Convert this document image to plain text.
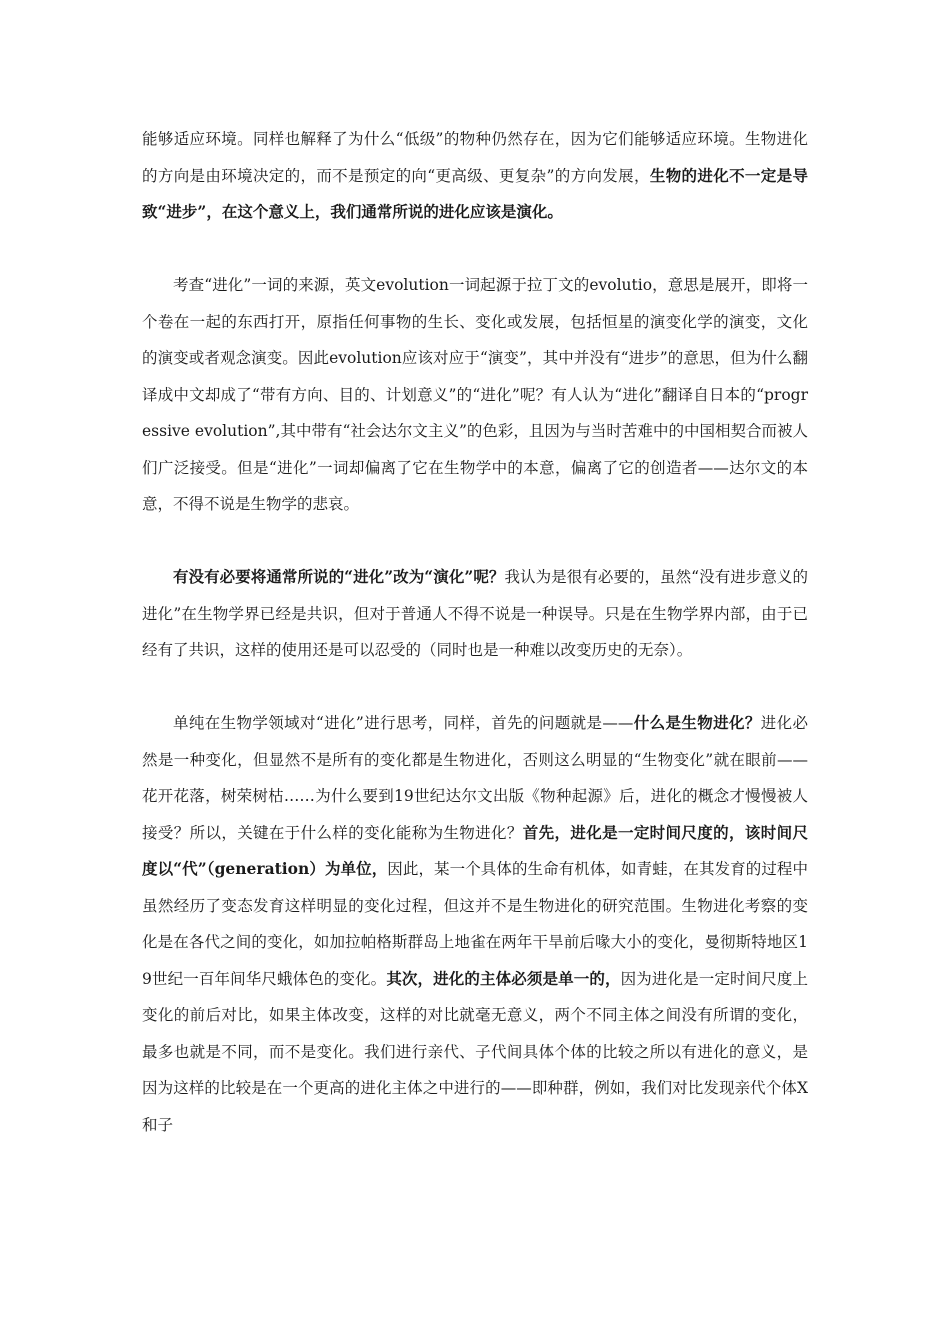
能够适应环境。同样也解释了为什么“低级”的物种仍然存在，因为它们能够适应环境。生物进化的方向是由环境决定的，而不是预定的向“更高级、更复杂”的方向发展，生物的进化不一定是导致“进步”，在这个意义上，我们通常所说的进化应该是演化。

考查“进化”一词的来源，英文evolution一词起源于拉丁文的evolutio，意思是展开，即将一个卷在一起的东西打开，原指任何事物的生长、变化或发展，包括恒星的演变化学的演变，文化的演变或者观念演变。因此evolution应该对应于“演变”，其中并没有“进步”的意思，但为什么翻译成中文却成了“带有方向、目的、计划意义”的“进化”呢？有人认为“进化”翻译自日本的“progressive evolution”,其中带有“社会达尔文主义”的色彩，且因为与当时苦难中的中国相契合而被人们广泛接受。但是“进化”一词却偏离了它在生物学中的本意，偏离了它的创造者——达尔文的本意，不得不说是生物学的悲哀。

有没有必要将通常所说的“进化”改为“演化”呢？我认为是很有必要的，虽然“没有进步意义的进化”在生物学界已经是共识，但对于普通人不得不说是一种误导。只是在生物学界内部，由于已经有了共识，这样的使用还是可以忍受的（同时也是一种难以改变历史的无奈）。

单纯在生物学领域对“进化”进行思考，同样，首先的问题就是——什么是生物进化？进化必然是一种变化，但显然不是所有的变化都是生物进化，否则这么明显的“生物变化”就在眼前——花开花落，树荣树枯……为什么要到19世纪达尔文出版《物种起源》后，进化的概念才慢慢被人接受？所以，关键在于什么样的变化能称为生物进化？首先，进化是一定时间尺度的，该时间尺度以“代”（generation）为单位，因此，某一个具体的生命有机体，如青蛙，在其发育的过程中虽然经历了变态发育这样明显的变化过程，但这并不是生物进化的研究范围。生物进化考察的变化是在各代之间的变化，如加拉帕格斯群岛上地雀在两年干旱前后喙大小的变化，曼彻斯特地区19世纪一百年间华尺蛾体色的变化。其次，进化的主体必须是单一的，因为进化是一定时间尺度上变化的前后对比，如果主体改变，这样的对比就毫无意义，两个不同主体之间没有所谓的变化，最多也就是不同，而不是变化。我们进行亲代、子代间具体个体的比较之所以有进化的意义，是因为这样的比较是在一个更高的进化主体之中进行的——即种群，例如，我们对比发现亲代个体X和子
